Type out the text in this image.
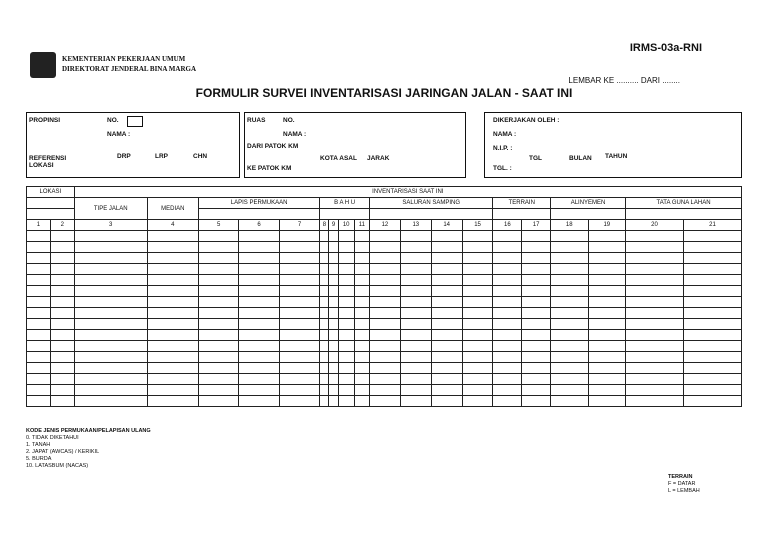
IRMS-03a-RNI
KEMENTERIAN PEKERJAAN UMUM
DIREKTORAT JENDERAL BINA MARGA
LEMBAR KE .......... DARI ........
FORMULIR SURVEI INVENTARISASI JARINGAN JALAN - SAAT INI
PROPINSI	NO.
NAMA :
REFERENSI LOKASI
DRP	LRP	CHN
RUAS	NO.
NAMA :
DARI PATOK KM
KOTA ASAL JARAK
KE PATOK KM
DIKERJAKAN OLEH :
NAMA :
N.I.P. :
TGL	BULAN TAHUN
TGL. :
LOKASI		INVENTARISASI SAAT INI																		
		TIPE JALAN	MEDIAN	LAPIS PERMUKAAN			B A H U				SALURAN SAMPING				TERRAIN		ALINYEMEN		TATA GUNA LAHAN	

1	2	3	4	5	6	7	8	9	10	11	12	13	14	15	16	17	18	19	20	21

KODE JENIS PERMUKAAN/PELAPISAN ULANG
0. TIDAK DIKETAHUI
1. TANAH
2. JAPAT (AWCAS) / KERIKIL
5. BURDA
10. LATASBUM (NACAS)
TERRAIN
F = DATAR
L = LEMBAH
